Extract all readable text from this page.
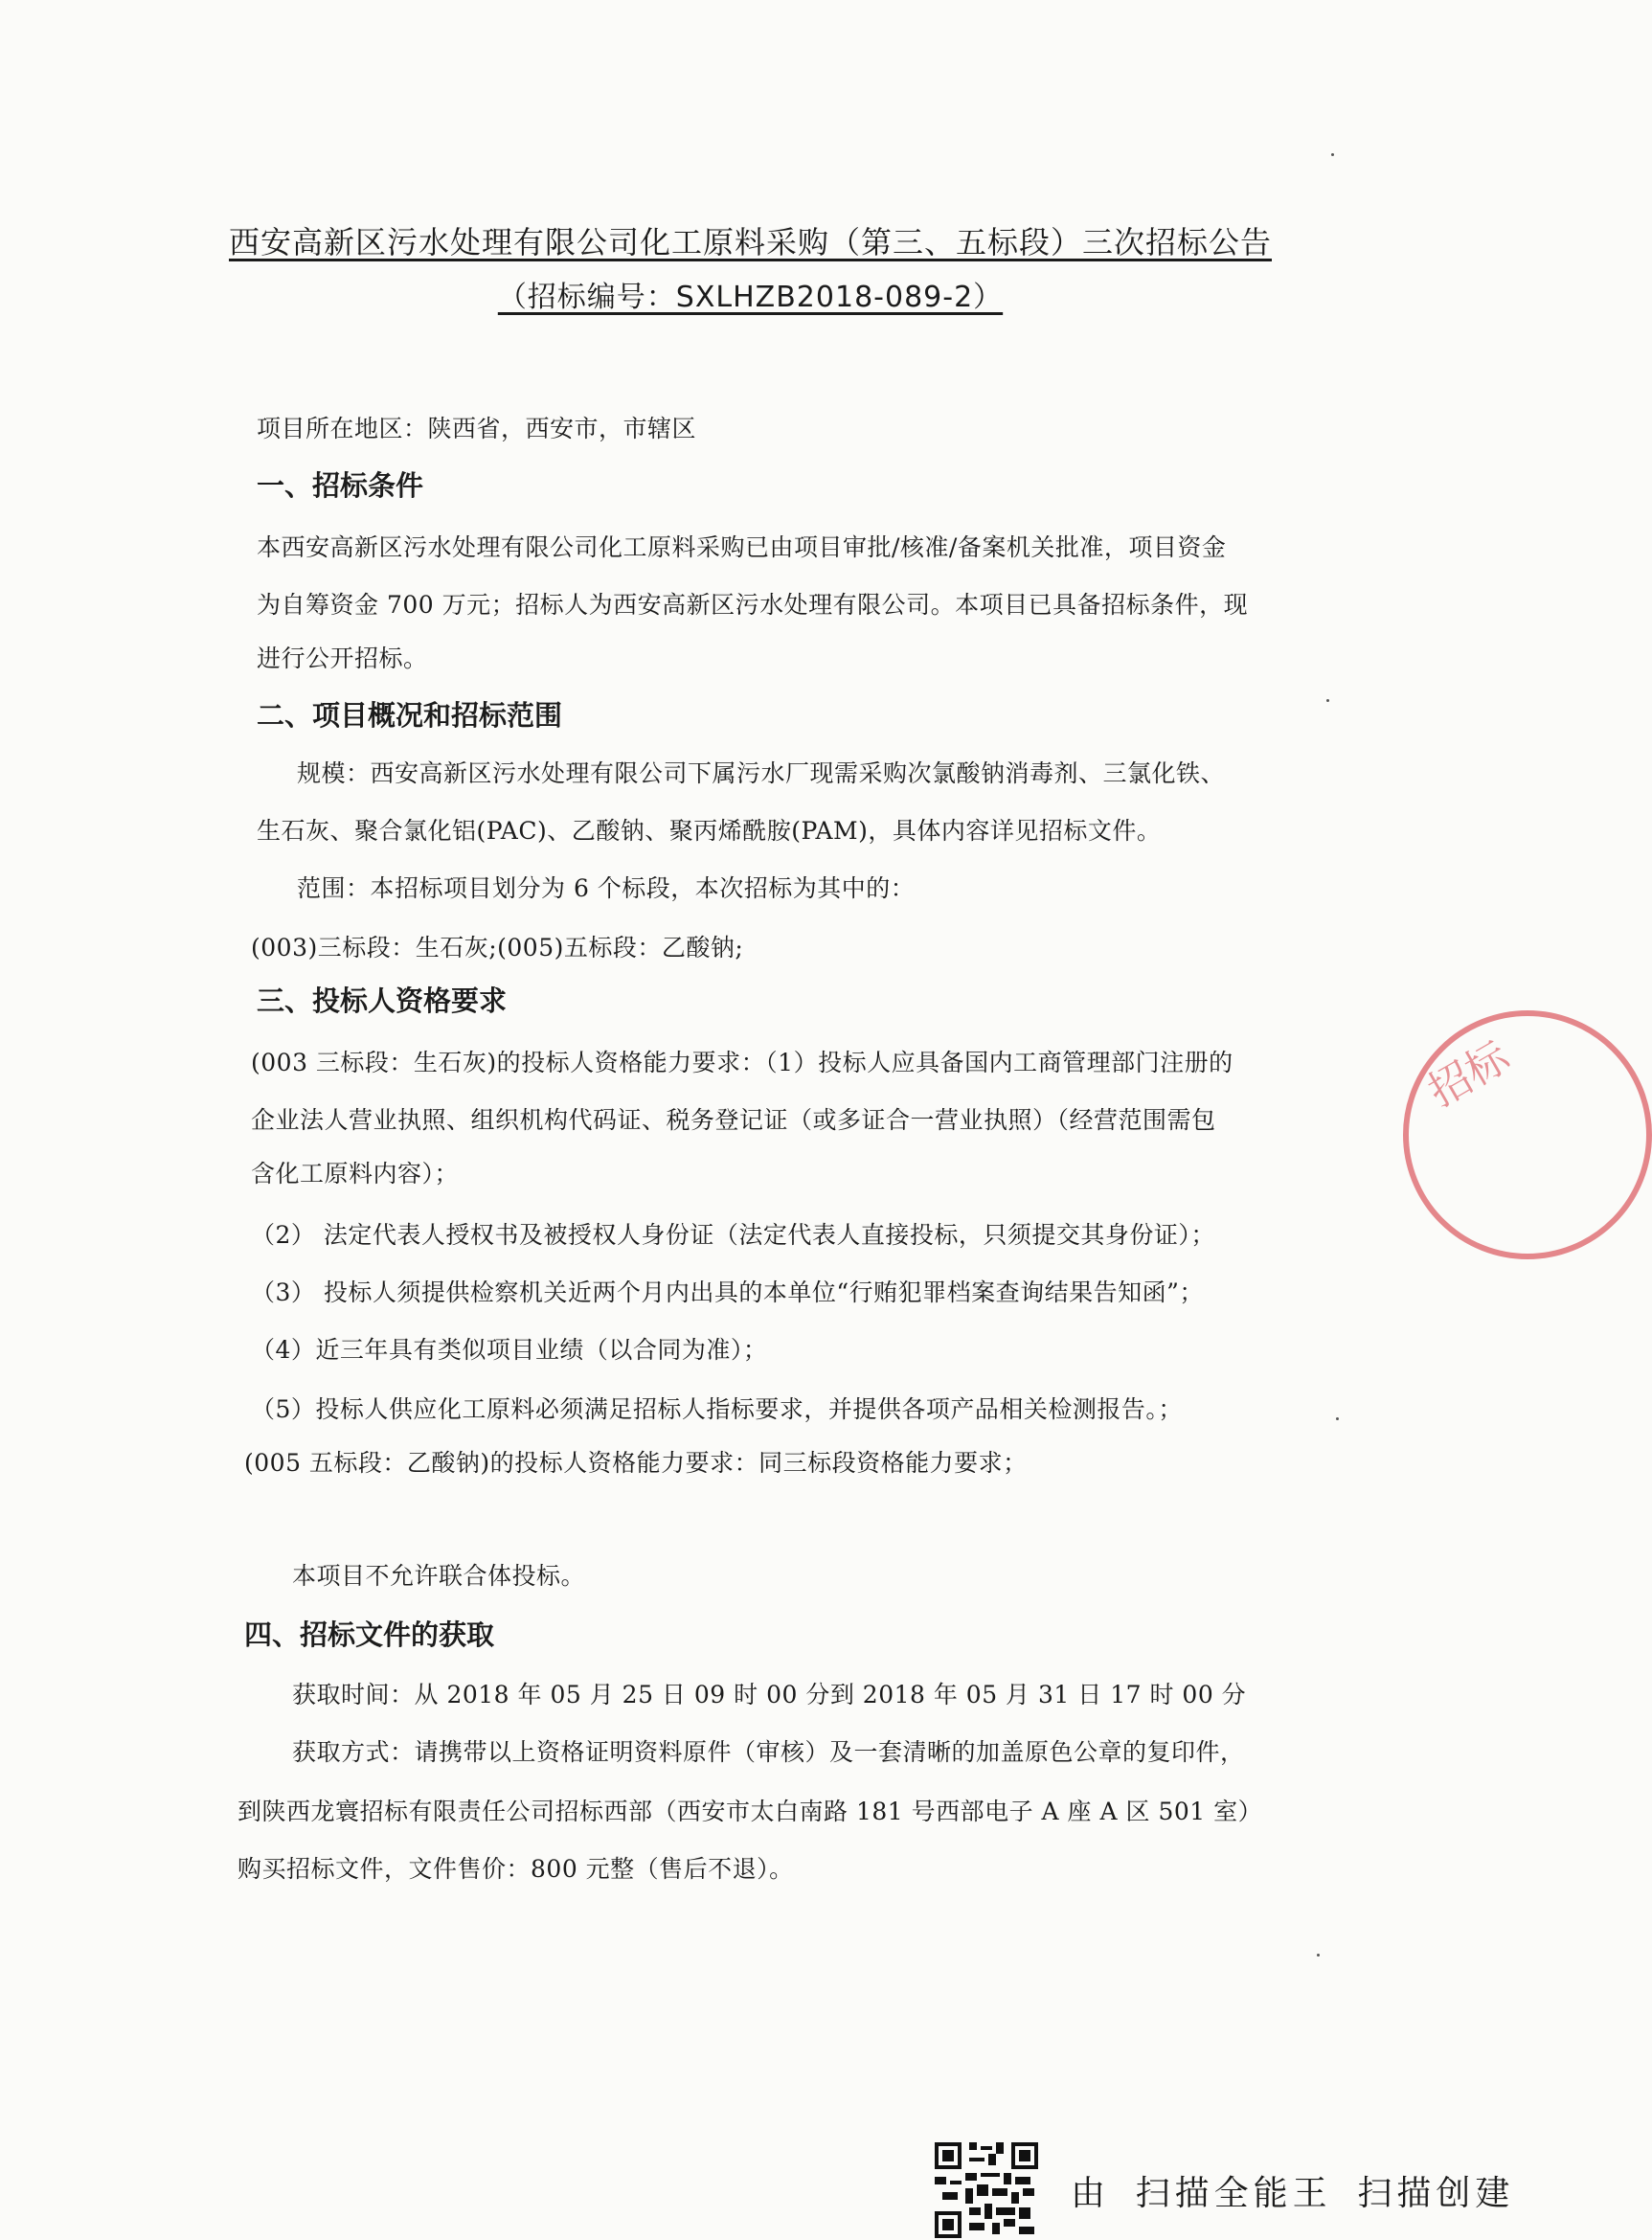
西安高新区污水处理有限公司化工原料采购（第三、五标段）三次招标公告
（招标编号：SXLHZB2018-089-2）
项目所在地区：陕西省，西安市，市辖区
一、招标条件
本西安高新区污水处理有限公司化工原料采购已由项目审批/核准/备案机关批准，项目资金
为自筹资金 700 万元；招标人为西安高新区污水处理有限公司。本项目已具备招标条件，现
进行公开招标。
二、项目概况和招标范围
规模：西安高新区污水处理有限公司下属污水厂现需采购次氯酸钠消毒剂、三氯化铁、
生石灰、聚合氯化铝(PAC)、乙酸钠、聚丙烯酰胺(PAM)，具体内容详见招标文件。
范围：本招标项目划分为 6 个标段，本次招标为其中的：
(003)三标段：生石灰;(005)五标段：乙酸钠;
三、投标人资格要求
(003 三标段：生石灰)的投标人资格能力要求：（1）投标人应具备国内工商管理部门注册的
企业法人营业执照、组织机构代码证、税务登记证（或多证合一营业执照）（经营范围需包
含化工原料内容）；
（2） 法定代表人授权书及被授权人身份证（法定代表人直接投标，只须提交其身份证）；
（3） 投标人须提供检察机关近两个月内出具的本单位“行贿犯罪档案查询结果告知函”；
（4）近三年具有类似项目业绩（以合同为准）；
（5）投标人供应化工原料必须满足招标人指标要求，并提供各项产品相关检测报告。；
(005 五标段：乙酸钠)的投标人资格能力要求：同三标段资格能力要求；
本项目不允许联合体投标。
四、招标文件的获取
获取时间：从 2018 年 05 月 25 日 09 时 00 分到 2018 年 05 月 31 日 17 时 00 分
获取方式：请携带以上资格证明资料原件（审核）及一套清晰的加盖原色公章的复印件，
到陕西龙寰招标有限责任公司招标西部（西安市太白南路 181 号西部电子 A 座 A 区 501 室）
购买招标文件，文件售价：800 元整（售后不退）。
招标
由 扫描全能王 扫描创建
